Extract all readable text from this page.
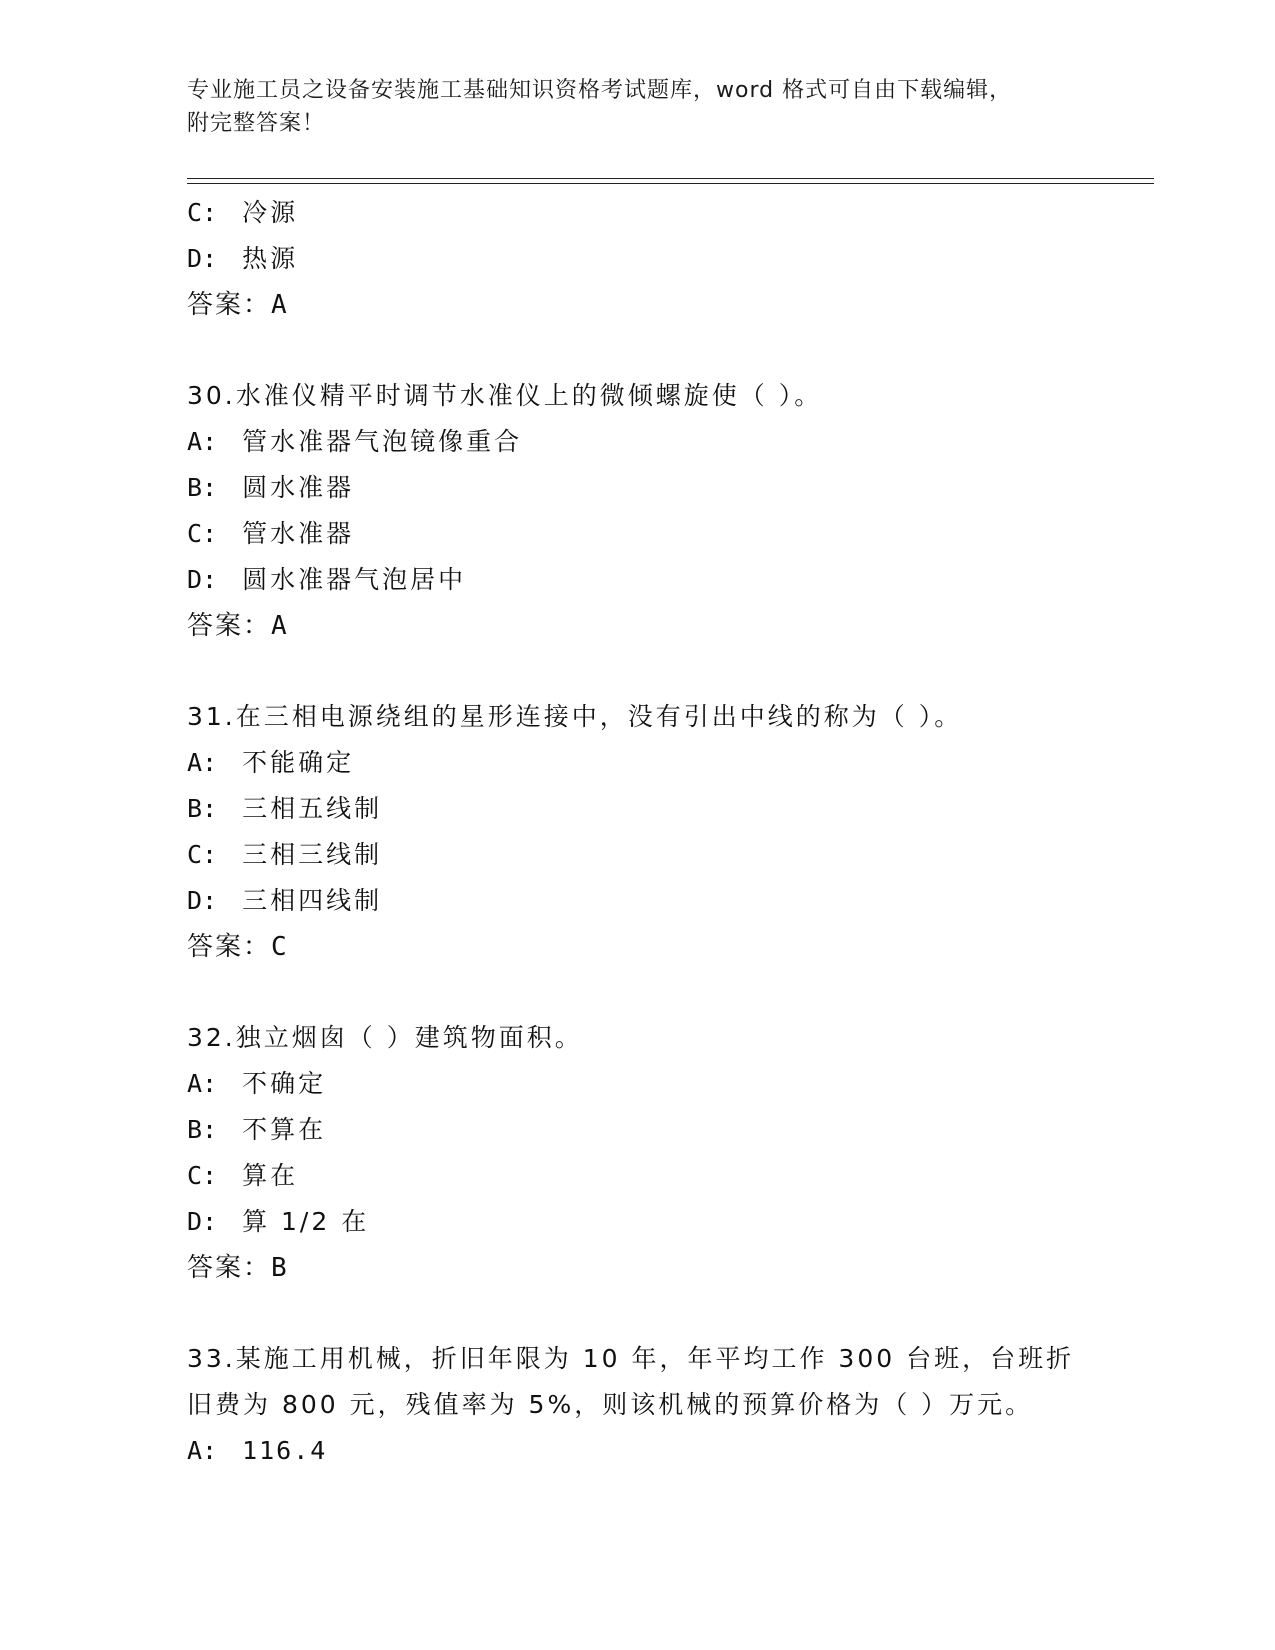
专业施工员之设备安装施工基础知识资格考试题库，word 格式可自由下载编辑，
附完整答案！
C: 冷源
D: 热源
答案：A
30.水准仪精平时调节水准仪上的微倾螺旋使（ ）。
A: 管水准器气泡镜像重合
B: 圆水准器
C: 管水准器
D: 圆水准器气泡居中
答案：A
31.在三相电源绕组的星形连接中，没有引出中线的称为（ ）。
A: 不能确定
B: 三相五线制
C: 三相三线制
D: 三相四线制
答案：C
32.独立烟囱（ ）建筑物面积。
A: 不确定
B: 不算在
C: 算在
D: 算 1/2 在
答案：B
33.某施工用机械，折旧年限为 10 年，年平均工作 300 台班，台班折
旧费为 800 元，残值率为 5%，则该机械的预算价格为（ ）万元。
A: 116.4
